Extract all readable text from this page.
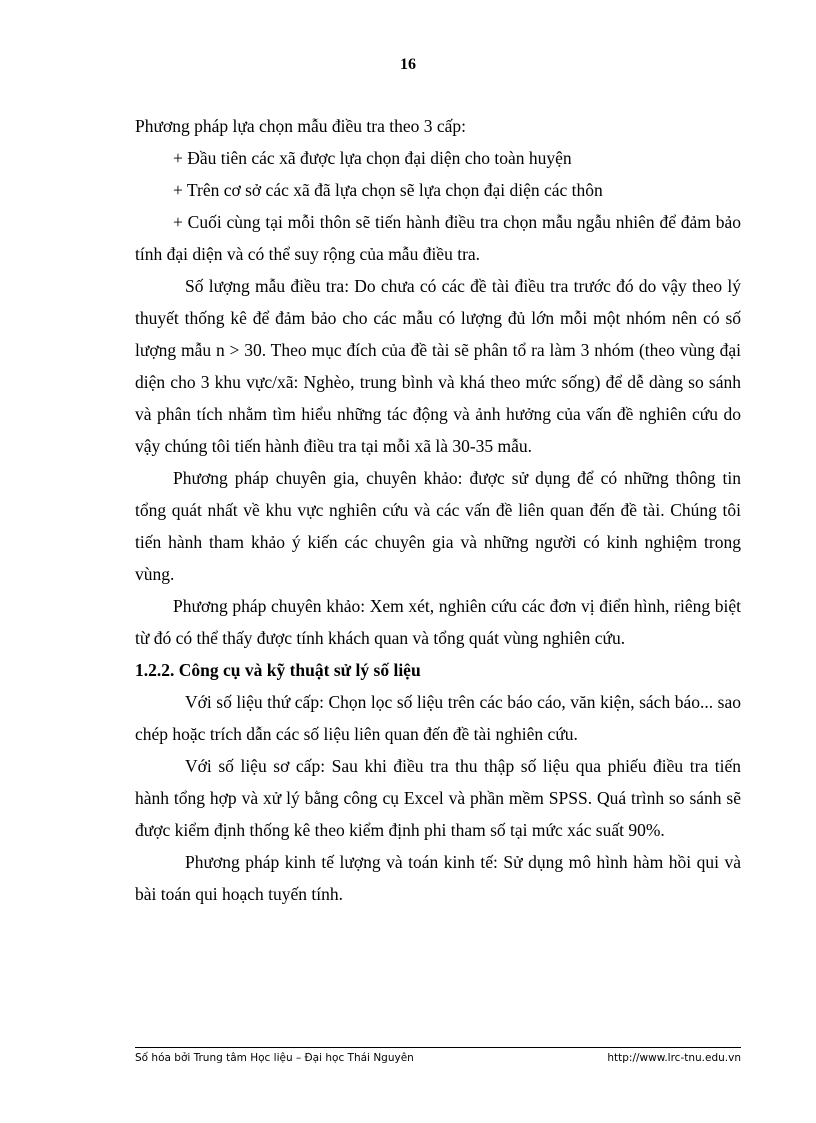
16

Phương pháp lựa chọn mẫu điều tra theo 3 cấp:

+ Đầu tiên các xã được lựa chọn đại diện cho toàn huyện

+ Trên cơ sở các xã đã lựa chọn sẽ lựa chọn đại diện các thôn

+ Cuối cùng tại mỗi thôn sẽ tiến hành điều tra chọn mẫu ngẫu nhiên để đảm bảo tính đại diện và có thể suy rộng của mẫu điều tra.

Số lượng mẫu điều tra: Do chưa có các đề tài điều tra trước đó do vậy theo lý thuyết thống kê để đảm bảo cho các mẫu có lượng đủ lớn mỗi một nhóm nên có số lượng mẫu n > 30. Theo mục đích của đề tài sẽ phân tổ ra làm 3 nhóm (theo vùng đại diện cho 3 khu vực/xã: Nghèo, trung bình và khá theo mức sống) để dễ dàng so sánh và phân tích nhằm tìm hiểu những tác động và ảnh hưởng của vấn đề nghiên cứu do vậy chúng tôi tiến hành điều tra tại mỗi xã là 30-35 mẫu.

Phương pháp chuyên gia, chuyên khảo: được sử dụng để có những thông tin tổng quát nhất về khu vực nghiên cứu và các vấn đề liên quan đến đề tài. Chúng tôi tiến hành tham khảo ý kiến các chuyên gia và những người có kinh nghiệm trong vùng.

Phương pháp chuyên khảo: Xem xét, nghiên cứu các đơn vị điển hình, riêng biệt từ đó có thể thấy được tính khách quan và tổng quát vùng nghiên cứu.

1.2.2. Công cụ và kỹ thuật sử lý số liệu

Với số liệu thứ cấp: Chọn lọc số liệu trên các báo cáo, văn kiện, sách báo... sao chép hoặc trích dẫn các số liệu liên quan đến đề tài nghiên cứu.

Với số liệu sơ cấp: Sau khi điều tra thu thập số liệu qua phiếu điều tra tiến hành tổng hợp và xử lý bằng công cụ Excel và phần mềm SPSS. Quá trình so sánh sẽ được kiểm định thống kê theo kiểm định phi tham số tại mức xác suất 90%.

Phương pháp kinh tế lượng và toán kinh tế: Sử dụng mô hình hàm hồi qui và bài toán qui hoạch tuyến tính.

Số hóa bởi Trung tâm Học liệu – Đại học Thái Nguyên	http://www.lrc-tnu.edu.vn
